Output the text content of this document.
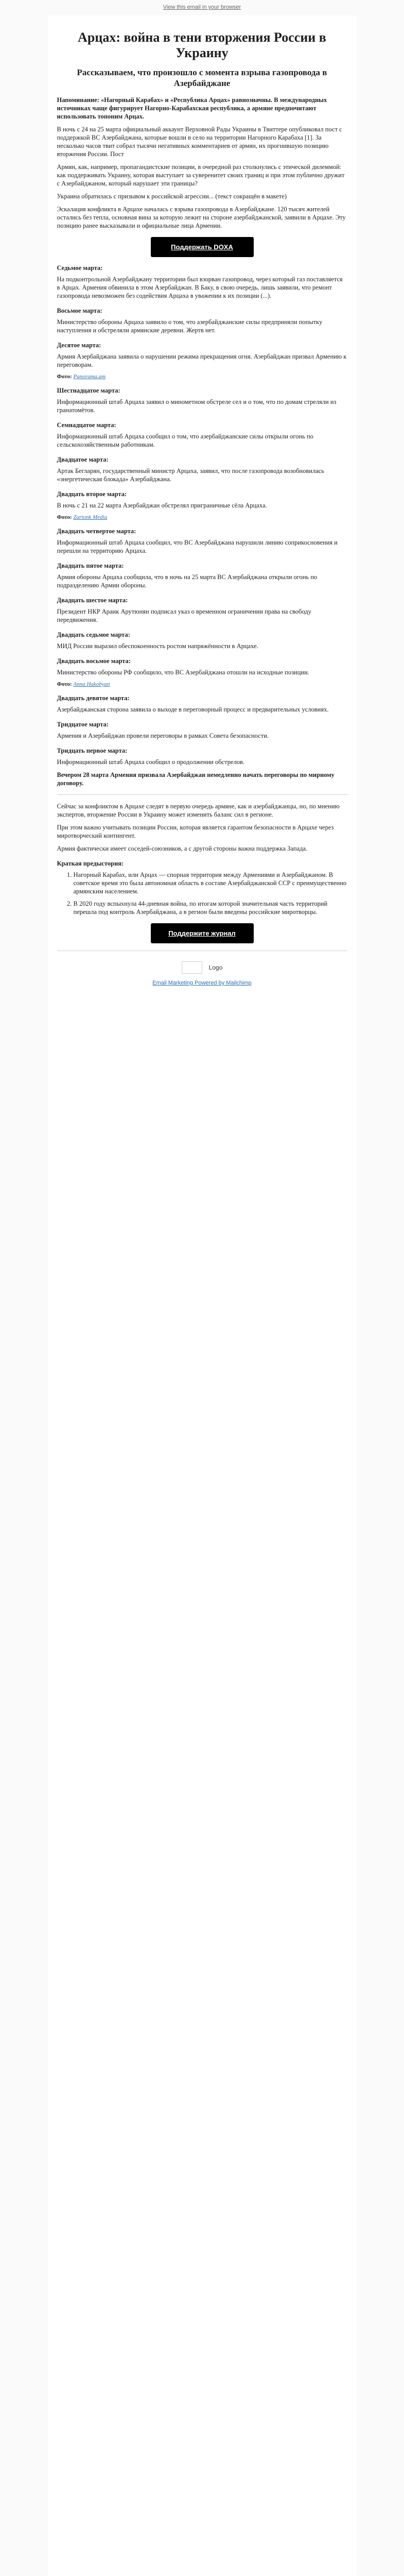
View this email in your browser
Арцах: война в тени вторжения России в Украину
Рассказываем, что произошло с момента взрыва газопровода в Азербайджане

Напоминание: «Нагорный Карабах» и «Республика Арцах» равнозначны. В международных источниках чаще фигурирует Нагорно-Карабахская республика, а армяне предпочитают использовать топоним Арцах.

В ночь с 24 на 25 марта официальный аккаунт Верховной Рады Украины в Твиттере опубликовал пост с поддержкой ВС Азербайджана, которые вошли в село на территории Нагорного Карабаха [1]. За несколько часов твит собрал тысячи негативных комментариев от армян, их прогнившую позицию вторжения России. Пост

Армян, как, например, пропагандистские позиции, в очередной раз столкнулись с этической дилеммой: как поддерживать Украину, которая выступает за суверенитет своих границ и при этом публично дружит с Азербайджаном, который нарушает эти границы?

Украина обратилась с призывом к российской агрессии... (текст сокращён в макете)

Эскалация конфликта в Арцахе началась с взрыва газопровода в Азербайджане. 120 тысяч жителей остались без тепла, основная вина за которую лежит на стороне азербайджанской, заявили в Арцахе. Эту позицию ранее высказывали и официальные лица Армении.

Поддержать DOXA
Седьмое марта:

На подконтрольной Азербайджану территории был взорван газопровод, через который газ поставляется в Арцах. Армения обвинила в этом Азербайджан. В Баку, в свою очередь, лишь заявили, что ремонт газопровода невозможен без содействия Арцаха в уважении к их позиции (...).

Восьмое марта:

Министерство обороны Арцаха заявило о том, что азербайджанские силы предприняли попытку наступления и обстреляли армянские деревни. Жертв нет.

Десятое марта:

Армия Азербайджана заявила о нарушении режима прекращения огня. Азербайджан призвал Армению к переговорам.

Фото: Panorama.am
Шестнадцатое марта:

Информационный штаб Арцаха заявил о минометном обстреле сел и о том, что по домам стреляли из гранатомётов.

Семнадцатое марта:

Информационный штаб Арцаха сообщил о том, что азербайджанские силы открыли огонь по сельскохозяйственным работникам.

Двадцатое марта:

Артак Бегларян, государственный министр Арцаха, заявил, что после газопровода возобновилась «энергетическая блокада» Азербайджана.

Двадцать второе марта:

В ночь с 21 на 22 марта Азербайджан обстрелял приграничные сёла Арцаха.

Фото: Zartonk Media
Двадцать четвертое марта:

Информационный штаб Арцаха сообщил, что ВС Азербайджана нарушили линию соприкосновения и перешли на территорию Арцаха.

Двадцать пятое марта:

Армия обороны Арцаха сообщила, что в ночь на 25 марта ВС Азербайджана открыли огонь по подразделению Армии обороны.

Двадцать шестое марта:

Президент НКР Араик Арутюнян подписал указ о временном ограничении права на свободу передвижения.

Двадцать седьмое марта:

МИД России выразил обеспокоенность ростом напряжённости в Арцахе.

Двадцать восьмое марта:

Министерство обороны РФ сообщило, что ВС Азербайджана отошли на исходные позиции.

Фото: Anna Hakobyan
Двадцать девятое марта:

Азербайджанская сторона заявила о выходе в переговорный процесс и предварительных условиях.

Тридцатое марта:

Армения и Азербайджан провели переговоры в рамках Совета безопасности.

Тридцать первое марта:

Информационный штаб Арцаха сообщил о продолжении обстрелов.

Вечером 28 марта Армения призвала Азербайджан немедленно начать переговоры по мирному договору.

Сейчас за конфликтом в Арцахе следят в первую очередь армяне, как и азербайджанцы, но, по мнению экспертов, вторжение России в Украину может изменить баланс сил в регионе.

При этом важно учитывать позиции России, которая является гарантом безопасности в Арцахе через миротворческий контингент.

Армия фактически имеет соседей-союзников, а с другой стороны важна поддержка Запада.

Краткая предыстория:
1. Нагорный Карабах, или Арцах — спорная территория между Армениями и Азербайджаном. В советское время это была автономная область в составе Азербайджанской ССР с преимущественно армянским населением.
2. В 2020 году вспыхнула 44-дневная война, по итогам которой значительная часть территорий перешла под контроль Азербайджана, а в регион были введены российские миротворцы.
Поддержите журнал
Logo
Email Marketing Powered by Mailchimp
